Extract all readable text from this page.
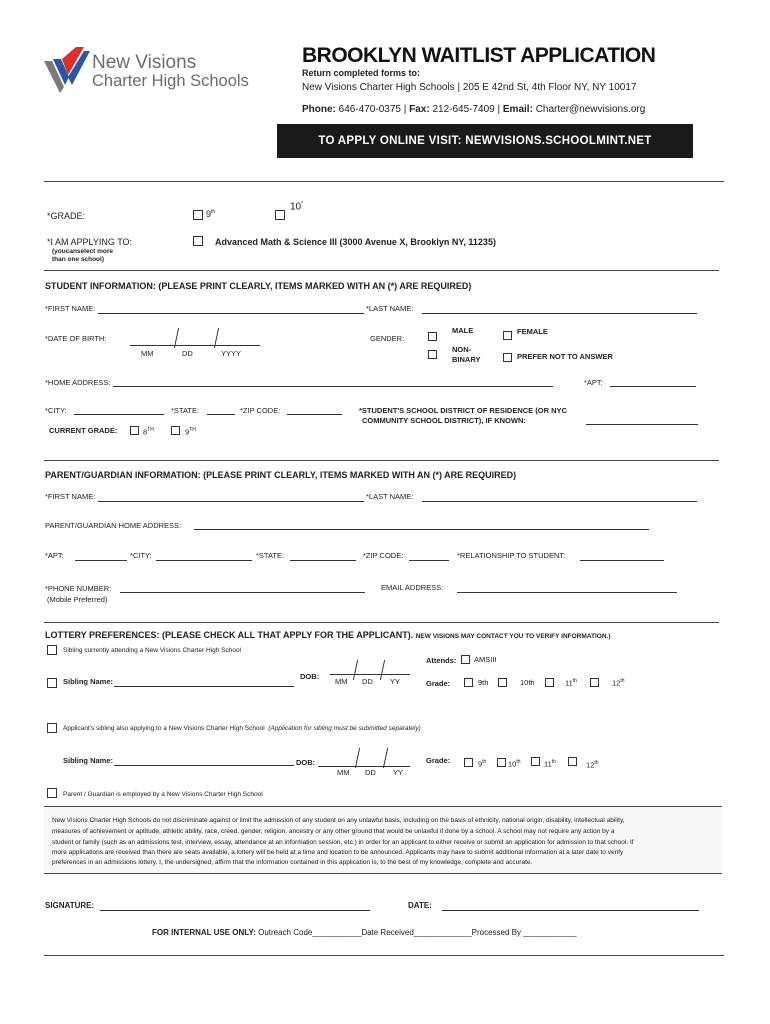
New Visions
Charter High Schools
BROOKLYN WAITLIST APPLICATION
Return completed forms to:
New Visions Charter High Schools | 205 E 42nd St, 4th Floor NY, NY 10017
Phone: 646-470-0375 | Fax: 212-645-7409 | Email: Charter@newvisions.org
TO APPLY ONLINE VISIT: NEWVISIONS.SCHOOLMINT.NET
*GRADE:	9th	10*
*I AM APPLYING TO:
(youcanselect more
than one school)
Advanced Math & Science III (3000 Avenue X, Brooklyn NY, 11235)
STUDENT INFORMATION: (PLEASE PRINT CLEARLY, ITEMS MARKED WITH AN (*) ARE REQUIRED)
*FIRST NAME:	*LAST NAME:
*DATE OF BIRTH:
MM	DD	YYYY
GENDER:
MALE	FEMALE
NON-
BINARY	PREFER NOT TO ANSWER
*HOME ADDRESS:	*APT:
*CITY:	*STATE:	*ZIP CODE:	*STUDENT'S SCHOOL DISTRICT OF RESIDENCE (OR NYC
COMMUNITY SCHOOL DISTRICT), IF KNOWN:
CURRENT GRADE:	8TH	9TH
PARENT/GUARDIAN INFORMATION: (PLEASE PRINT CLEARLY, ITEMS MARKED WITH AN (*) ARE REQUIRED)
*FIRST NAME:	*LAST NAME:
PARENT/GUARDIAN HOME ADDRESS:
*APT:	*CITY:	*STATE:	*ZIP CODE:	*RELATIONSHIP TO STUDENT:
*PHONE NUMBER:
(Mobile Preferred)
EMAIL ADDRESS:
LOTTERY PREFERENCES: (PLEASE CHECK ALL THAT APPLY FOR THE APPLICANT). NEW VISIONS MAY CONTACT YOU TO VERIFY INFORMATION.)
Sibling currently attending a New Visions Charter High School
Attends: AMSIII
Sibling Name:
DOB:
MM DD YY	Grade:	9th	10th	11th	12th
Applicant's sibling also applying to a New Visions Charter High School (Application for sibling must be submitted separately)
Sibling Name:	DOB:
MM DD YY
Grade:	9th	10th	11th	12th
Parent / Guardian is employed by a New Visions Charter High School
New Visions Charter High Schools do not discriminate against or limit the admission of any student on any unlawful basis, including on the basis of ethnicity, national origin, disability, intellectual ability,
measures of achievement or aptitude, athletic ability, race, creed, gender, religion, ancestry or any other ground that would be unlawful if done by a school. A school may not require any action by a
student or family (such as an admissions test, interview, essay, attendance at an information session, etc.) in order for an applicant to either receive or submit an application for admission to that school. If
more applications are received than there are seats available, a lottery will be held at a time and location to be announced. Applicants may have to submit additional information at a later date to verify
preferences in an admissions lottery. I, the undersigned, affirm that the information contained in this application is, to the best of my knowledge, complete and accurate.
SIGNATURE:	DATE:
FOR INTERNAL USE ONLY: Outreach Code___________Date Received_____________Processed By ____________
